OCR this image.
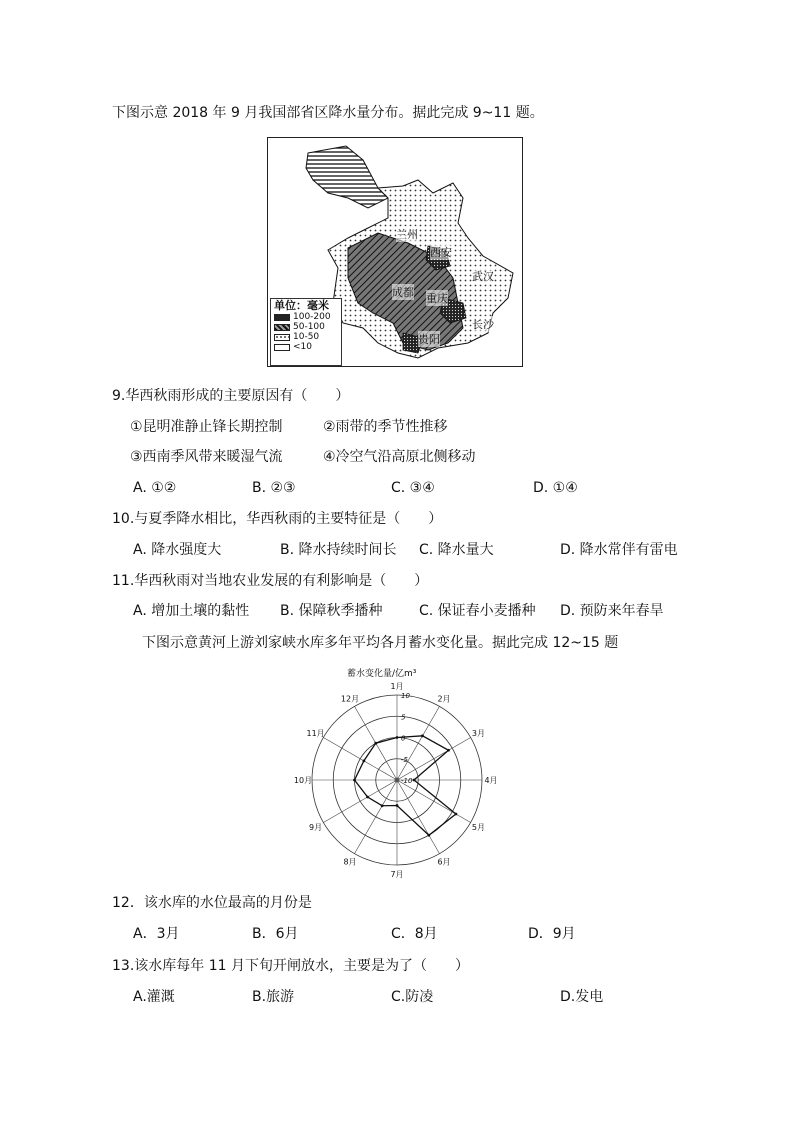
下图示意 2018 年 9 月我国部省区降水量分布。据此完成 9~11 题。
兰州
西安
武汉
成都 重庆
长沙
贵阳
单位：毫米
100-200
50-100
10-50
<10
9.华西秋雨形成的主要原因有（　　）
①昆明准静止锋长期控制	②雨带的季节性推移
③西南季风带来暖湿气流	④冷空气沿高原北侧移动
A. ①②	B. ②③	C. ③④	D. ①④
10.与夏季降水相比，华西秋雨的主要特征是（　　）
A. 降水强度大	B. 降水持续时间长 C. 降水量大	D. 降水常伴有雷电
11.华西秋雨对当地农业发展的有利影响是（　　）
A. 增加土壤的黏性 B. 保障秋季播种	C. 保证春小麦播种 D. 预防来年春旱
下图示意黄河上游刘家峡水库多年平均各月蓄水变化量。据此完成 12~15 题
蓄水变化量/亿m³
1月
2月
3月
4月
5月
6月
7月
8月
9月
10月
11月
12月
-10
-5
0
5
10
12．该水库的水位最高的月份是
A．3月	B．6月	C．8月	D．9月
13.该水库每年 11 月下旬开闸放水，主要是为了（　　）
A.灌溉	B.旅游	C.防凌	D.发电
